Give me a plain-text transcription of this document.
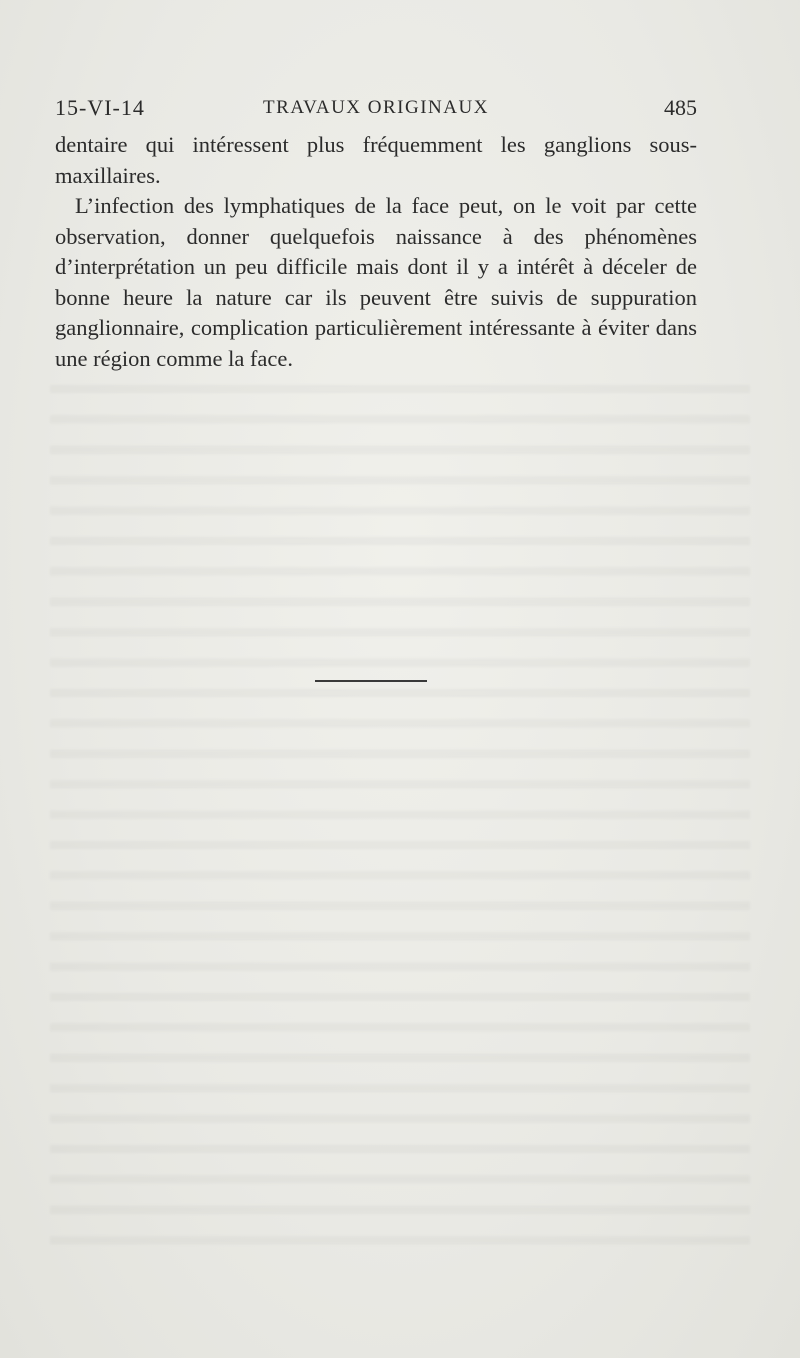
15-VI-14	TRAVAUX ORIGINAUX	485

dentaire qui intéressent plus fréquemment les ganglions sous-maxillaires.

L’infection des lymphatiques de la face peut, on le voit par cette observation, donner quelquefois naissance à des phénomènes d’interprétation un peu difficile mais dont il y a intérêt à déceler de bonne heure la nature car ils peuvent être suivis de suppuration ganglionnaire, complication particulièrement intéressante à éviter dans une région comme la face.
